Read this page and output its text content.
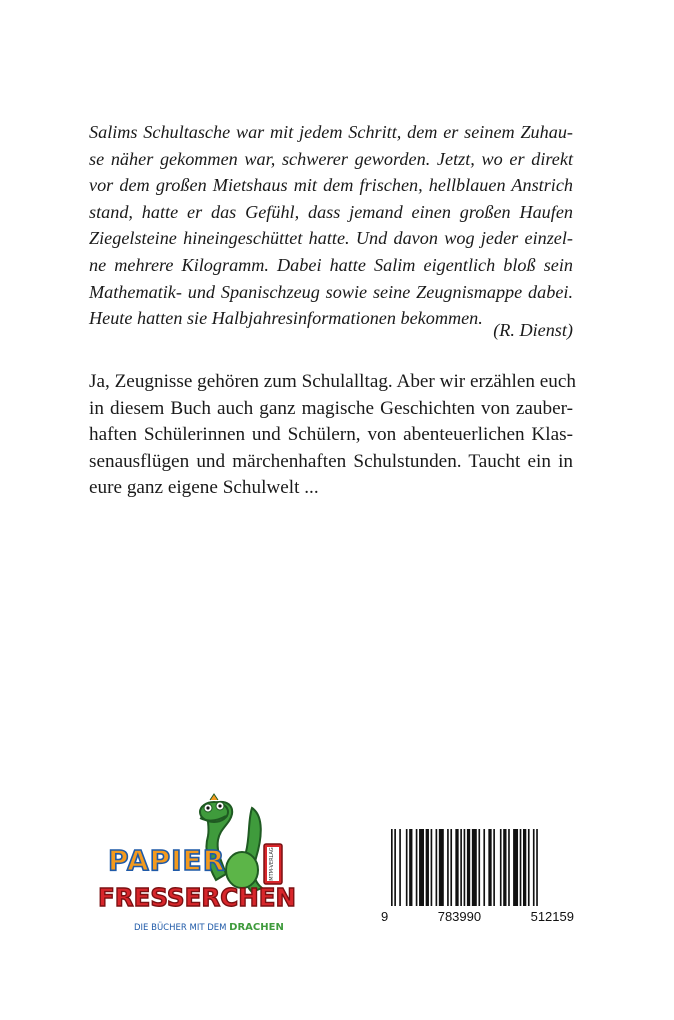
Salims Schultasche war mit jedem Schritt, dem er seinem Zuhau-
se näher gekommen war, schwerer geworden. Jetzt, wo er direkt
vor dem großen Mietshaus mit dem frischen, hellblauen Anstrich
stand, hatte er das Gefühl, dass jemand einen großen Haufen
Ziegelsteine hineingeschüttet hatte. Und davon wog jeder einzel-
ne mehrere Kilogramm. Dabei hatte Salim eigentlich bloß sein
Mathematik- und Spanischzeug sowie seine Zeugnismappe dabei.
Heute hatten sie Halbjahresinformationen bekommen.
(R. Dienst)
Ja, Zeugnisse gehören zum Schulalltag. Aber wir erzählen euch
in diesem Buch auch ganz magische Geschichten von zauber-
haften Schülerinnen und Schülern, von abenteuerlichen Klas-
senausflügen und märchenhaften Schulstunden. Taucht ein in
eure ganz eigene Schulwelt ...
MTM-VERLAG
PAPIER
FRESSERCHEN
DIE BÜCHER MIT DEM DRACHEN
9	783990	512159
